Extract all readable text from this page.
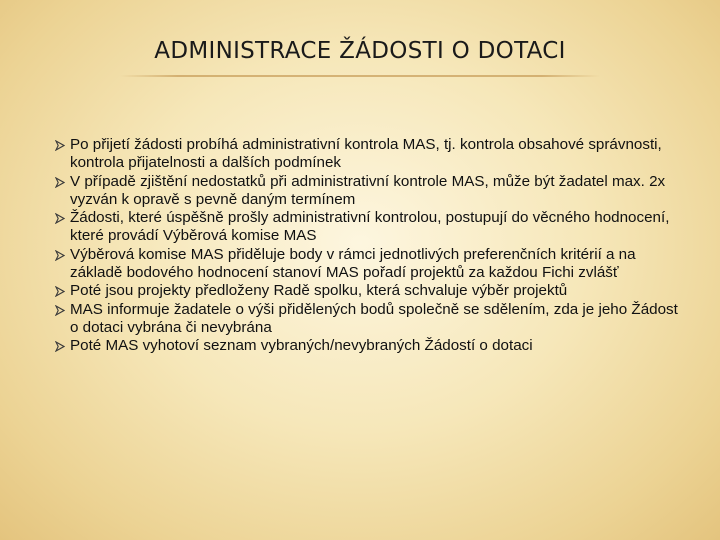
ADMINISTRACE ŽÁDOSTI O DOTACI
Po přijetí žádosti probíhá administrativní kontrola MAS, tj. kontrola obsahové správnosti, kontrola přijatelnosti a dalších podmínek
V případě zjištění nedostatků při administrativní kontrole MAS, může být žadatel max. 2x vyzván k opravě s pevně daným termínem
Žádosti, které úspěšně prošly administrativní kontrolou, postupují do věcného hodnocení, které provádí Výběrová komise MAS
Výběrová komise MAS přiděluje body v rámci jednotlivých preferenčních kritérií a na základě bodového hodnocení stanoví MAS pořadí projektů za každou Fichi zvlášť
Poté jsou projekty předloženy Radě spolku, která schvaluje výběr projektů
MAS informuje žadatele o výši přidělených bodů společně se sdělením, zda je jeho Žádost o dotaci vybrána či nevybrána
Poté MAS vyhotoví seznam vybraných/nevybraných Žádostí o dotaci
